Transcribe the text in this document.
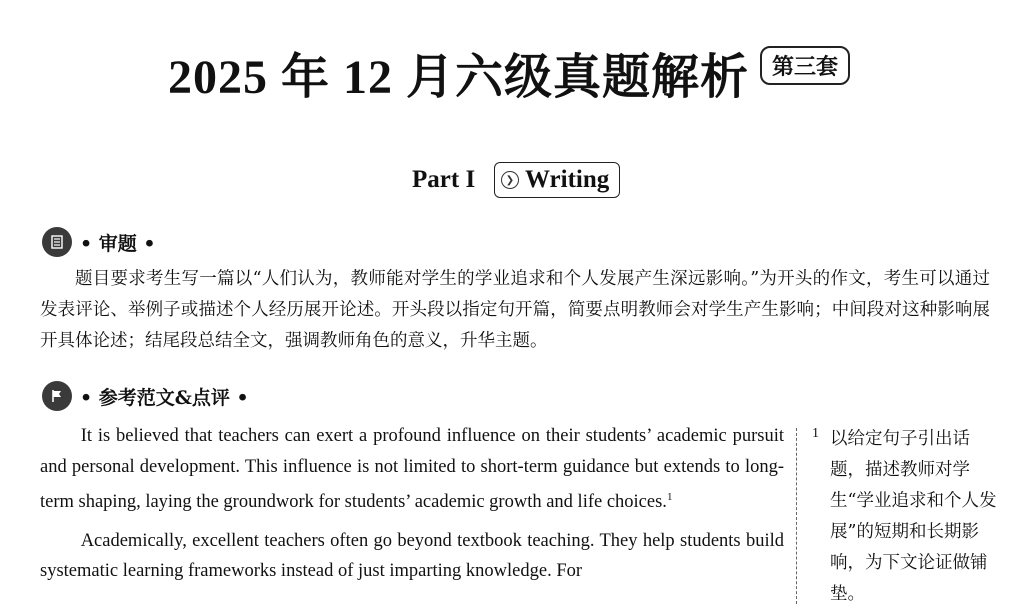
2025 年 12 月六级真题解析	第三套
Part I	❯ Writing
• 审题 •
题目要求考生写一篇以“人们认为，教师能对学生的学业追求和个人发展产生深远影响。”为开头的作文，考生可以通过发表评论、举例子或描述个人经历展开论述。开头段以指定句开篇，简要点明教师会对学生产生影响；中间段对这种影响展开具体论述；结尾段总结全文，强调教师角色的意义，升华主题。
• 参考范文&点评 •

It is believed that teachers can exert a profound influence on their students’ academic pursuit and personal development. This influence is not limited to short-term guidance but extends to long-term shaping, laying the groundwork for students’ academic growth and life choices.$^1$

Academically, excellent teachers often go beyond textbook teaching. They help students build systematic learning frameworks instead of just imparting knowledge. For

1 以给定句子引出话题，描述教师对学生“学业追求和个人发展”的短期和长期影响，为下文论证做铺垫。
